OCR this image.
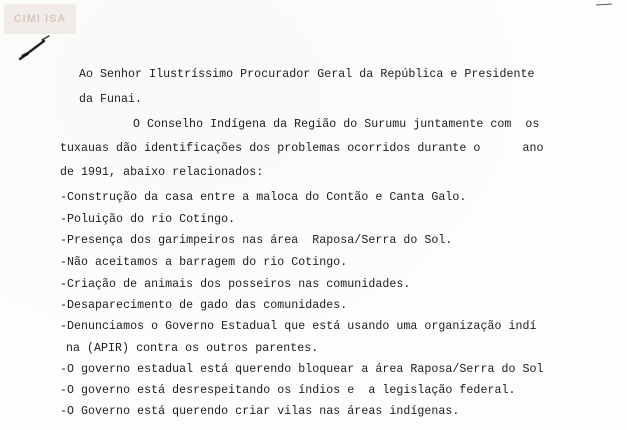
CIMI ISA
Ao Senhor Ilustríssimo Procurador Geral da República e Presidente
da Funai.
O Conselho Indígena da Região do Surumu juntamente com  os
tuxauas dão identificações dos problemas ocorridos durante o      ano
de 1991, abaixo relacionados:
-Construção da casa entre a maloca do Contão e Canta Galo.
-Poluição do rio Cotingo.
-Presença dos garimpeiros nas área  Raposa/Serra do Sol.
-Não aceitamos a barragem do rio Cotingo.
-Criação de animais dos posseiros nas comunidades.
-Desaparecimento de gado das comunidades.
-Denunciamos o Governo Estadual que está usando uma organização indí
na (APIR) contra os outros parentes.
-O governo estadual está querendo bloquear a área Raposa/Serra do Sol
-O governo está desrespeitando os índios e  a legislação federal.
-O Governo está querendo criar vilas nas áreas indígenas.
